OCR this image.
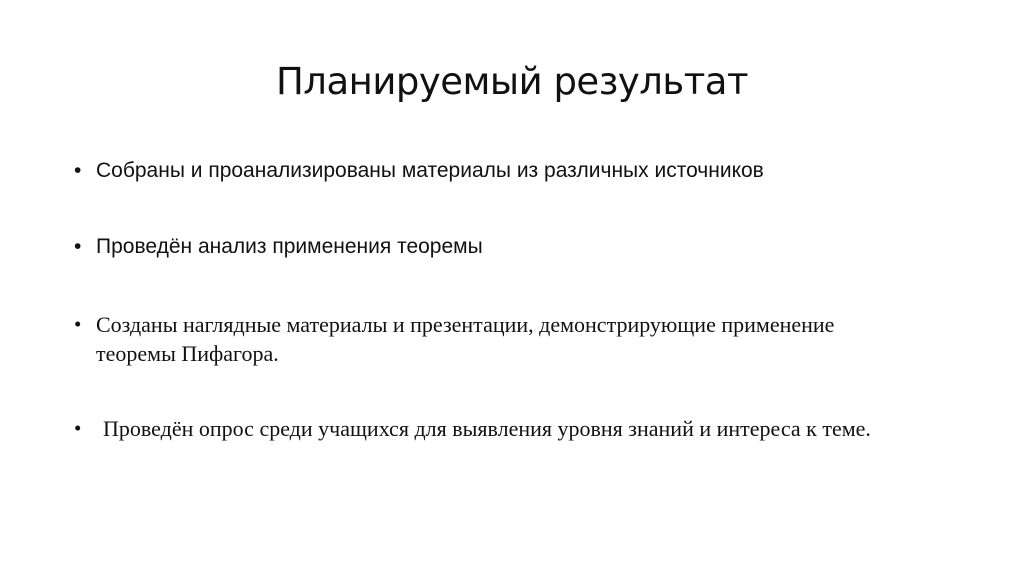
Планируемый результат
• Собраны и проанализированы материалы из различных источников
• Проведён анализ применения теоремы
• Созданы наглядные материалы и презентации, демонстрирующие применение теоремы Пифагора.
• Проведён опрос среди учащихся для выявления уровня знаний и интереса к теме.
